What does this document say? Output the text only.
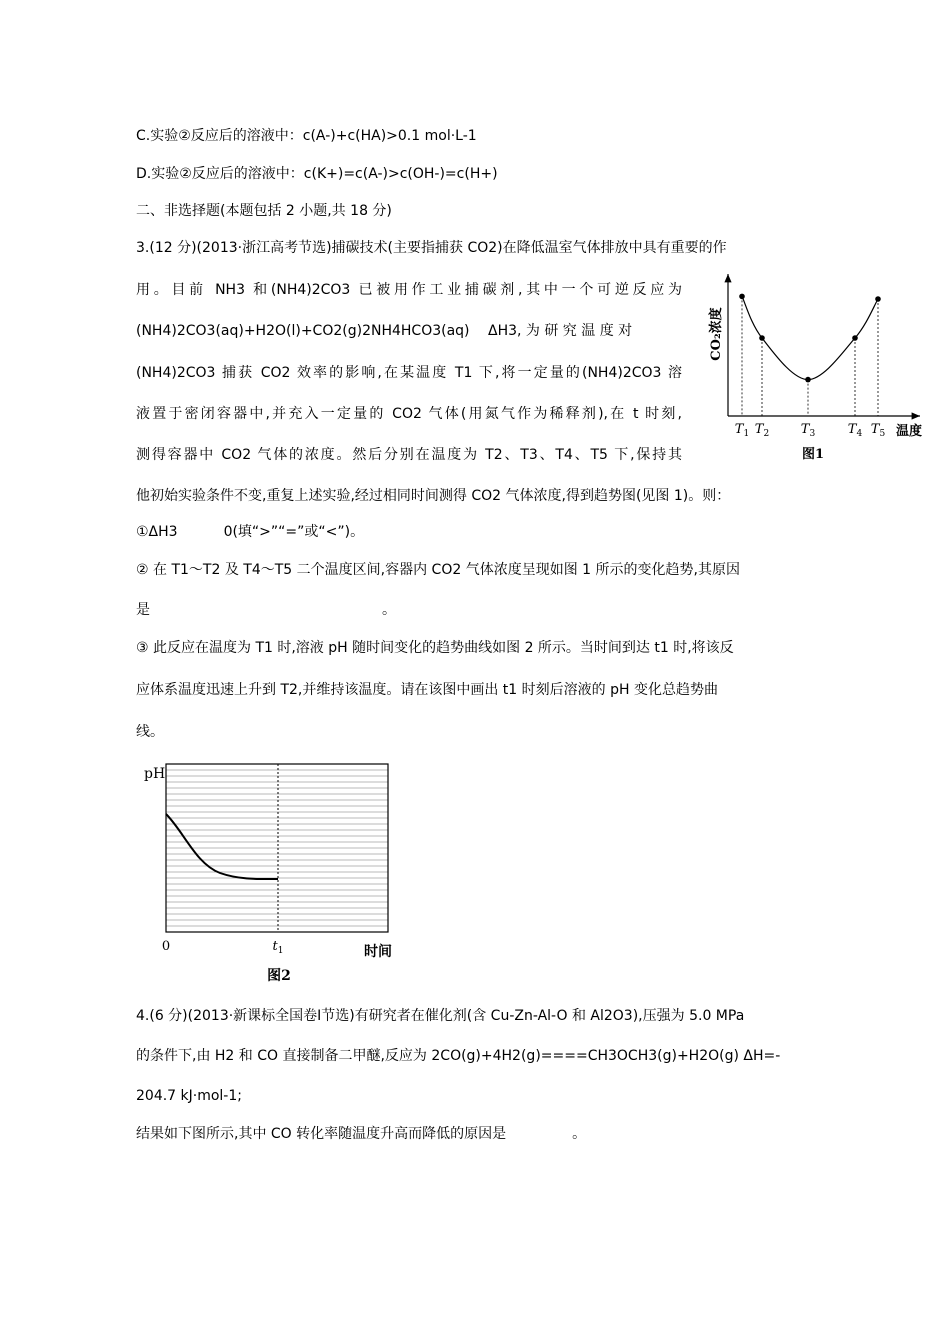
C.实验②反应后的溶液中：c(A-)+c(HA)>0.1 mol·L-1
D.实验②反应后的溶液中：c(K+)=c(A-)>c(OH-)=c(H+)
二、非选择题(本题包括 2 小题,共 18 分)
3.(12 分)(2013·浙江高考节选)捕碳技术(主要指捕获 CO2)在降低温室气体排放中具有重要的作
用。目前 NH3 和(NH4)2CO3 已被用作工业捕碳剂,其中一个可逆反应为
(NH4)2CO3(aq)+H2O(l)+CO2(g)2NH4HCO3(aq) ΔH3, 为 研 究 温 度 对
(NH4)2CO3 捕获 CO2 效率的影响,在某温度 T1 下,将一定量的(NH4)2CO3 溶
液置于密闭容器中,并充入一定量的 CO2 气体(用氮气作为稀释剂),在 t 时刻,
测得容器中 CO2 气体的浓度。然后分别在温度为 T2、T3、T4、T5 下,保持其
他初始实验条件不变,重复上述实验,经过相同时间测得 CO2 气体浓度,得到趋势图(见图 1)。则：
①ΔH3	0(填“>”“=”或“<”)。
② 在 T1～T2 及 T4～T5 二个温度区间,容器内 CO2 气体浓度呈现如图 1 所示的变化趋势,其原因
是	。
③ 此反应在温度为 T1 时,溶液 pH 随时间变化的趋势曲线如图 2 所示。当时间到达 t1 时,将该反
应体系温度迅速上升到 T2,并维持该温度。请在该图中画出 t1 时刻后溶液的 pH 变化总趋势曲
线。
4.(6 分)(2013·新课标全国卷Ⅰ节选)有研究者在催化剂(含 Cu-Zn-Al-O 和 Al2O3),压强为 5.0 MPa
的条件下,由 H2 和 CO 直接制备二甲醚,反应为 2CO(g)+4H2(g)====CH3OCH3(g)+H2O(g) ΔH=-
204.7 kJ·mol-1;
结果如下图所示,其中 CO 转化率随温度升高而降低的原因是	。
CO₂浓度
温度
$T_1$ $T_2$ $T_3$	$T_4$ $T_5$
图1
pH
0	$t_1$	时间
图2
